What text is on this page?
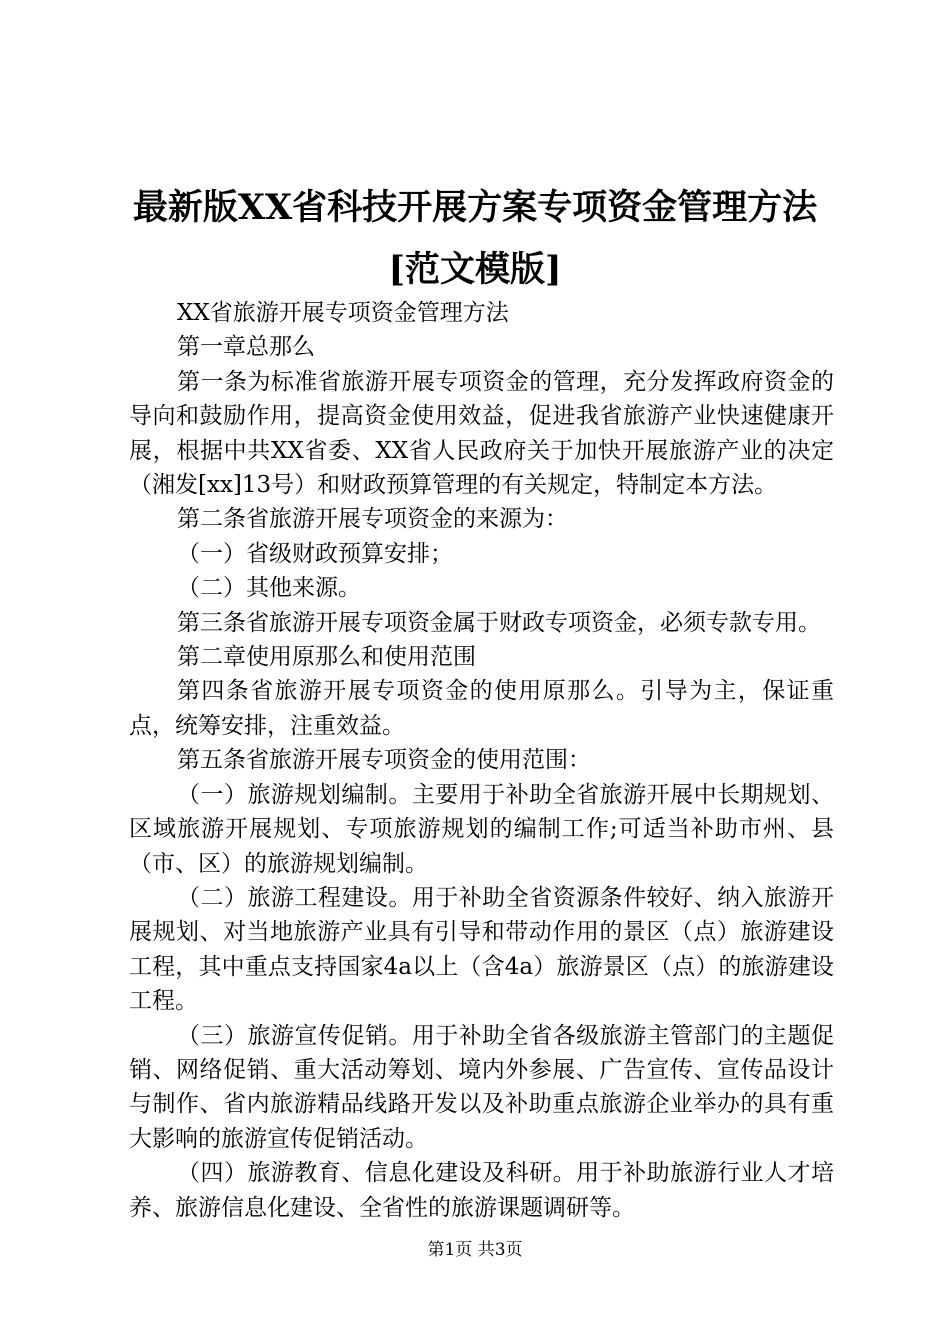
最新版XX省科技开展方案专项资金管理方法
[范文模版]

XX省旅游开展专项资金管理方法

第一章总那么

第一条为标准省旅游开展专项资金的管理，充分发挥政府资金的导向和鼓励作用，提高资金使用效益，促进我省旅游产业快速健康开展，根据中共XX省委、XX省人民政府关于加快开展旅游产业的决定（湘发[xx]13号）和财政预算管理的有关规定，特制定本方法。

第二条省旅游开展专项资金的来源为：

（一）省级财政预算安排；

（二）其他来源。

第三条省旅游开展专项资金属于财政专项资金，必须专款专用。

第二章使用原那么和使用范围

第四条省旅游开展专项资金的使用原那么。引导为主，保证重点，统筹安排，注重效益。

第五条省旅游开展专项资金的使用范围：

（一）旅游规划编制。主要用于补助全省旅游开展中长期规划、区域旅游开展规划、专项旅游规划的编制工作;可适当补助市州、县（市、区）的旅游规划编制。

（二）旅游工程建设。用于补助全省资源条件较好、纳入旅游开展规划、对当地旅游产业具有引导和带动作用的景区（点）旅游建设工程，其中重点支持国家4a以上（含4a）旅游景区（点）的旅游建设工程。

（三）旅游宣传促销。用于补助全省各级旅游主管部门的主题促销、网络促销、重大活动筹划、境内外参展、广告宣传、宣传品设计与制作、省内旅游精品线路开发以及补助重点旅游企业举办的具有重大影响的旅游宣传促销活动。

（四）旅游教育、信息化建设及科研。用于补助旅游行业人才培养、旅游信息化建设、全省性的旅游课题调研等。

第1页 共3页
